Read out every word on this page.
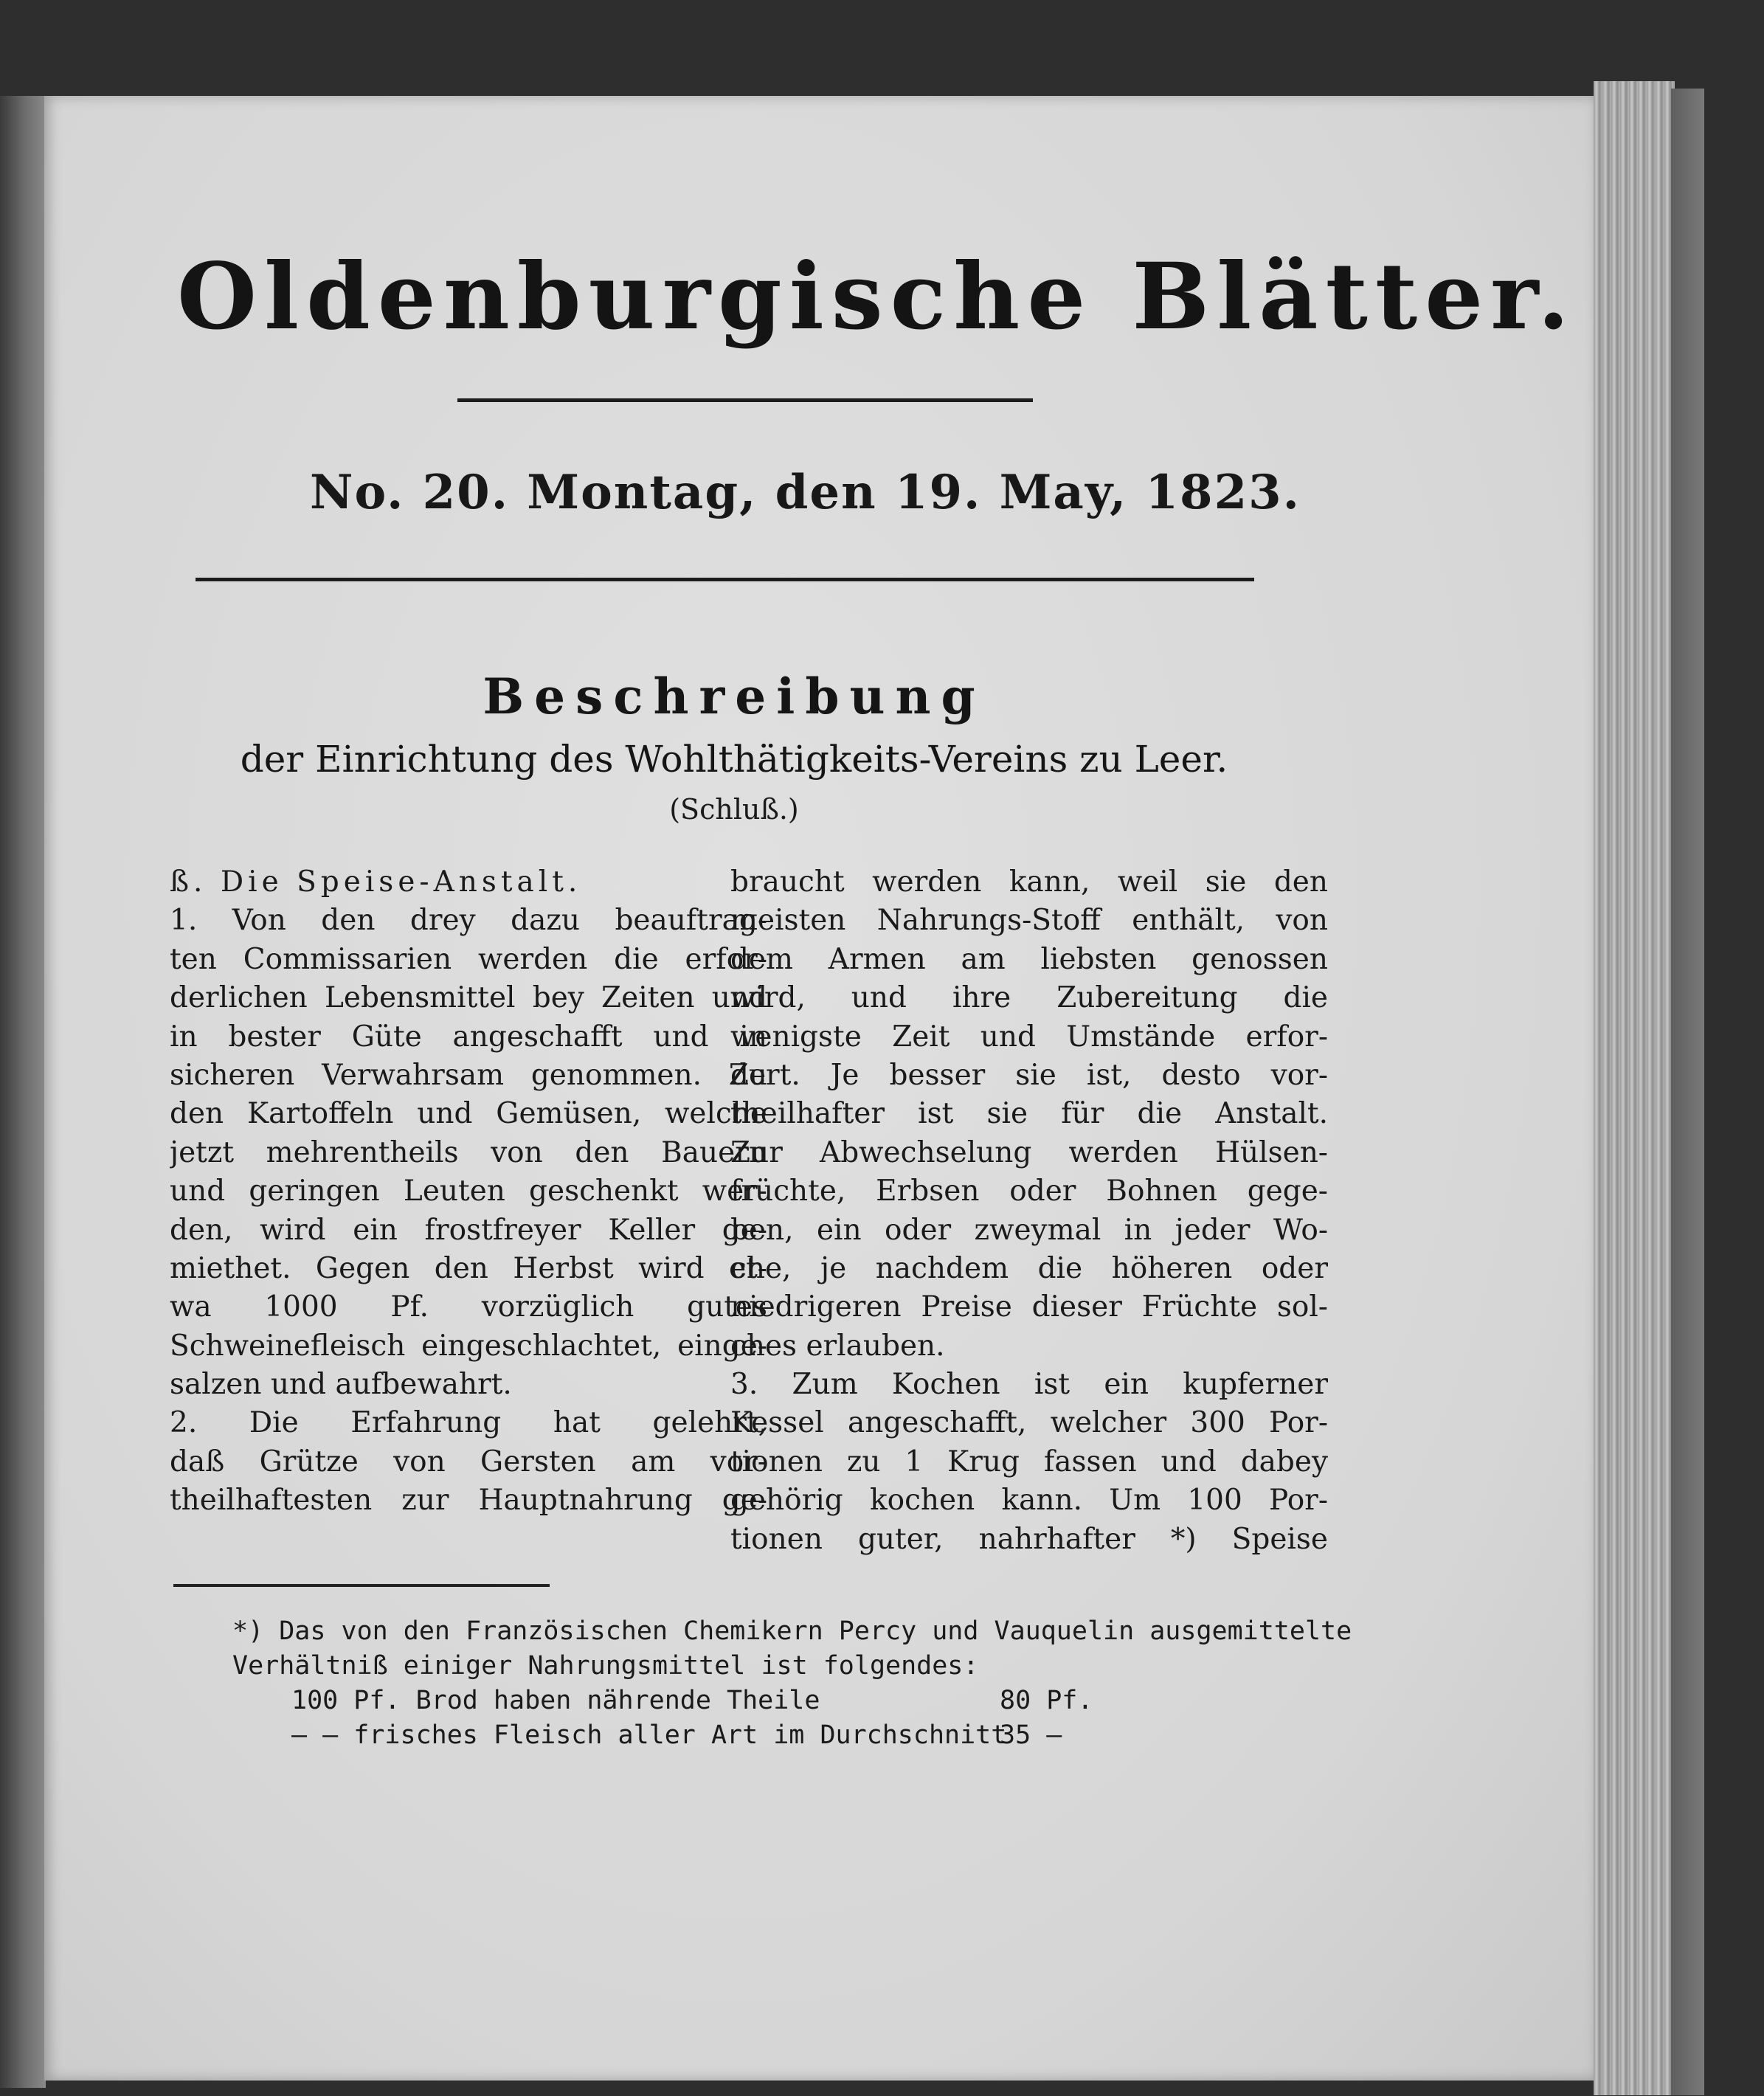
Oldenburgische Blätter.
No. 20. Montag, den 19. May, 1823.
Beschreibung
der Einrichtung des Wohlthätigkeits-Vereins zu Leer.
(Schluß.)
ß. Die Speise-Anstalt.
1. Von den drey dazu beauftrag-
ten Commissarien werden die erfor-
derlichen Lebensmittel bey Zeiten und
in bester Güte angeschafft und in
sicheren Verwahrsam genommen. Zu
den Kartoffeln und Gemüsen, welche
jetzt mehrentheils von den Bauern
und geringen Leuten geschenkt wer-
den, wird ein frostfreyer Keller ge-
miethet. Gegen den Herbst wird et-
wa 1000 Pf. vorzüglich gutes
Schweinefleisch eingeschlachtet, einge-
salzen und aufbewahrt.
2. Die Erfahrung hat gelehrt,
daß Grütze von Gersten am vor-
theilhaftesten zur Hauptnahrung ge-
braucht werden kann, weil sie den
meisten Nahrungs-Stoff enthält, von
dem Armen am liebsten genossen
wird, und ihre Zubereitung die
wenigste Zeit und Umstände erfor-
dert. Je besser sie ist, desto vor-
theilhafter ist sie für die Anstalt.
Zur Abwechselung werden Hülsen-
früchte, Erbsen oder Bohnen gege-
ben, ein oder zweymal in jeder Wo-
che, je nachdem die höheren oder
niedrigeren Preise dieser Früchte sol-
ches erlauben.
3. Zum Kochen ist ein kupferner
Kessel angeschafft, welcher 300 Por-
tionen zu 1 Krug fassen und dabey
gehörig kochen kann. Um 100 Por-
tionen guter, nahrhafter *) Speise
*) Das von den Französischen Chemikern Percy und Vauquelin ausgemittelte
Verhältniß einiger Nahrungsmittel ist folgendes:
100 Pf. Brod haben nährende Theile	80 Pf.
— — frisches Fleisch aller Art im Durchschnitt
35 —
